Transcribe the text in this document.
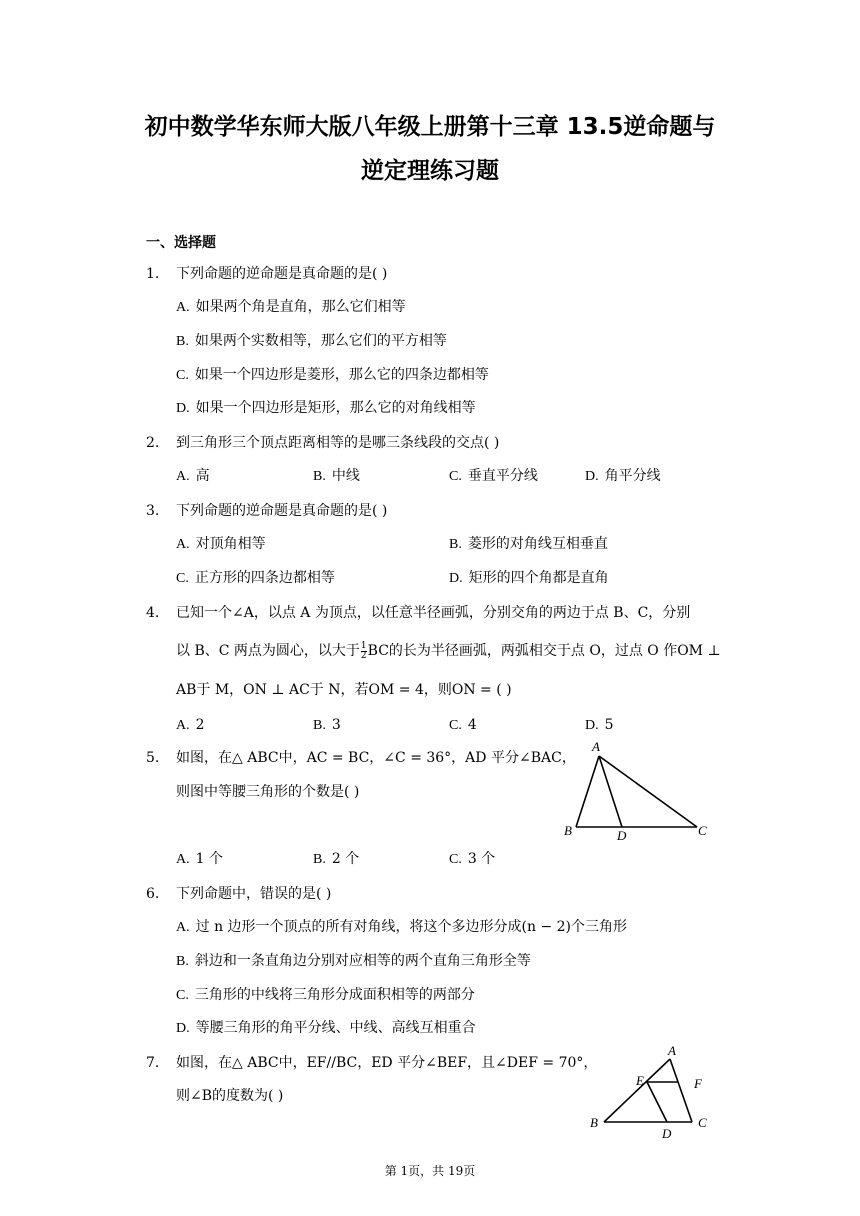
初中数学华东师大版八年级上册第十三章 13.5逆命题与
逆定理练习题
一、选择题
1. 下列命题的逆命题是真命题的是( )
A. 如果两个角是直角，那么它们相等
B. 如果两个实数相等，那么它们的平方相等
C. 如果一个四边形是菱形，那么它的四条边都相等
D. 如果一个四边形是矩形，那么它的对角线相等
2. 到三角形三个顶点距离相等的是哪三条线段的交点( )
A. 高	B. 中线	C. 垂直平分线	D. 角平分线
3. 下列命题的逆命题是真命题的是( )
A. 对顶角相等	B. 菱形的对角线互相垂直
C. 正方形的四条边都相等	D. 矩形的四个角都是直角
4. 已知一个∠A，以点 A 为顶点，以任意半径画弧，分别交角的两边于点 B、C，分别
以 B、C 两点为圆心，以大于 $\frac{1}{2}$ BC的长为半径画弧，两弧相交于点 O，过点 O 作OM ⊥
AB于 M，ON ⊥ AC于 N，若OM = 4，则ON = ( )
A. 2	B. 3	C. 4	D. 5
5. 如图，在△ ABC中，AC = BC，∠C = 36°，AD 平分∠BAC，
则图中等腰三角形的个数是( )
A
B	D	C
A. 1 个	B. 2 个	C. 3 个
6. 下列命题中，错误的是( )
A. 过 n 边形一个顶点的所有对角线，将这个多边形分成(n − 2)个三角形
B. 斜边和一条直角边分别对应相等的两个直角三角形全等
C. 三角形的中线将三角形分成面积相等的两部分
D. 等腰三角形的角平分线、中线、高线互相重合
7. 如图，在△ ABC中，EF//BC，ED 平分∠BEF，且∠DEF = 70°，
则∠B的度数为( )
A
E	F
B
D
C
第 1页，共 19页
